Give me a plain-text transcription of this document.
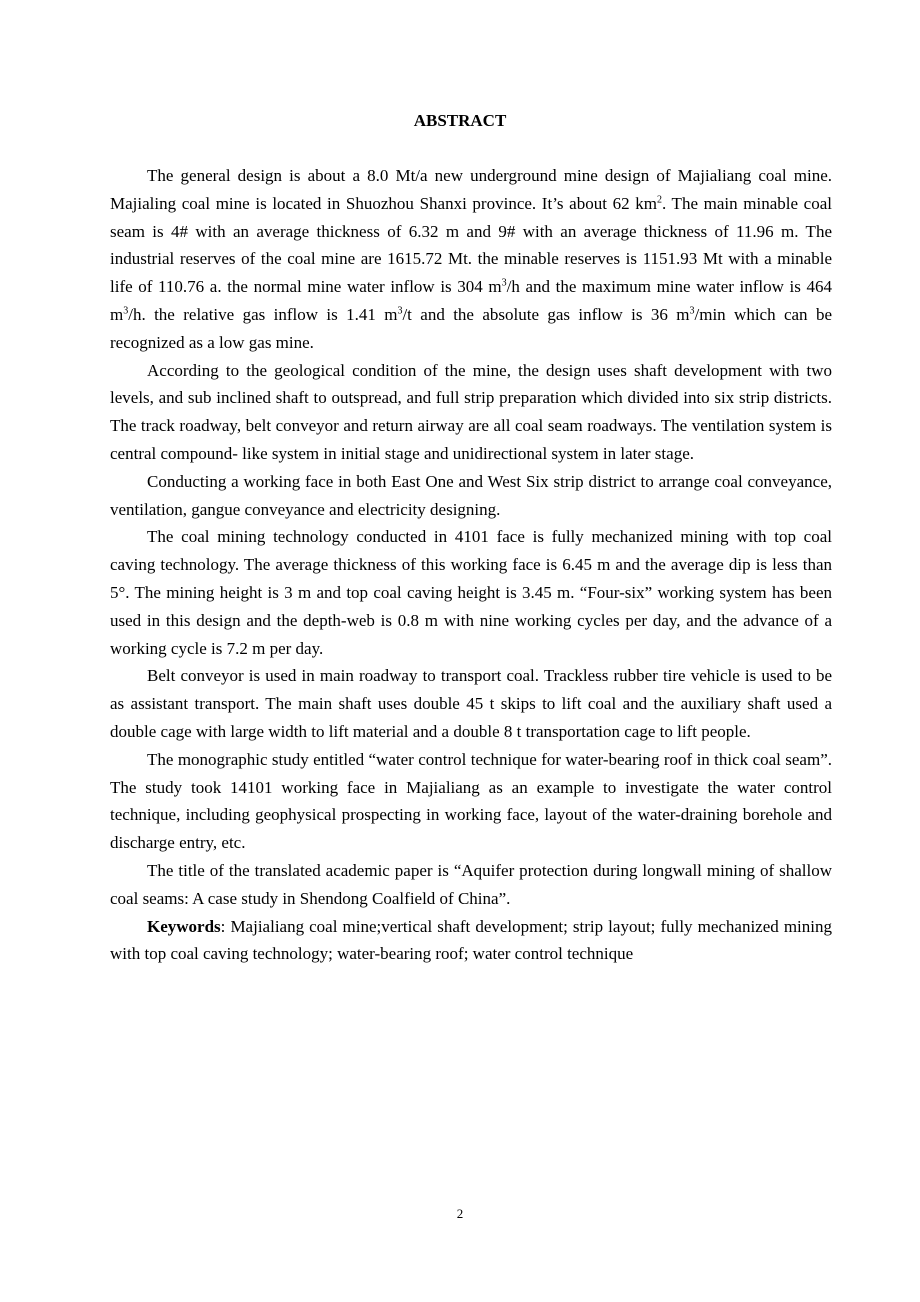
ABSTRACT

The general design is about a 8.0 Mt/a new underground mine design of Majialiang coal mine. Majialing coal mine is located in Shuozhou Shanxi province. It’s about 62 $km^2$. The main minable coal seam is 4# with an average thickness of 6.32 m and 9# with an average thickness of 11.96 m. The industrial reserves of the coal mine are 1615.72 Mt. the minable reserves is 1151.93 Mt with a minable life of 110.76 a. the normal mine water inflow is 304 $m^3/h$ and the maximum mine water inflow is 464 $m^3/h$. the relative gas inflow is 1.41 $m^3/t$ and the absolute gas inflow is 36 $m^3/\min$ which can be recognized as a low gas mine.

According to the geological condition of the mine, the design uses shaft development with two levels, and sub inclined shaft to outspread, and full strip preparation which divided into six strip districts. The track roadway, belt conveyor and return airway are all coal seam roadways. The ventilation system is central compound- like system in initial stage and unidirectional system in later stage.

Conducting a working face in both East One and West Six strip district to arrange coal conveyance, ventilation, gangue conveyance and electricity designing.

The coal mining technology conducted in 4101 face is fully mechanized mining with top coal caving technology. The average thickness of this working face is 6.45 m and the average dip is less than 5°. The mining height is 3 m and top coal caving height is 3.45 m. “Four-six” working system has been used in this design and the depth-web is 0.8 m with nine working cycles per day, and the advance of a working cycle is 7.2 m per day.

Belt conveyor is used in main roadway to transport coal. Trackless rubber tire vehicle is used to be as assistant transport. The main shaft uses double 45 t skips to lift coal and the auxiliary shaft used a double cage with large width to lift material and a double 8 t transportation cage to lift people.

The monographic study entitled “water control technique for water-bearing roof in thick coal seam”. The study took 14101 working face in Majialiang as an example to investigate the water control technique, including geophysical prospecting in working face, layout of the water-draining borehole and discharge entry, etc.

The title of the translated academic paper is “Aquifer protection during longwall mining of shallow coal seams: A case study in Shendong Coalfield of China”.

Keywords: Majialiang coal mine;vertical shaft development; strip layout; fully mechanized mining with top coal caving technology; water-bearing roof; water control technique

2
